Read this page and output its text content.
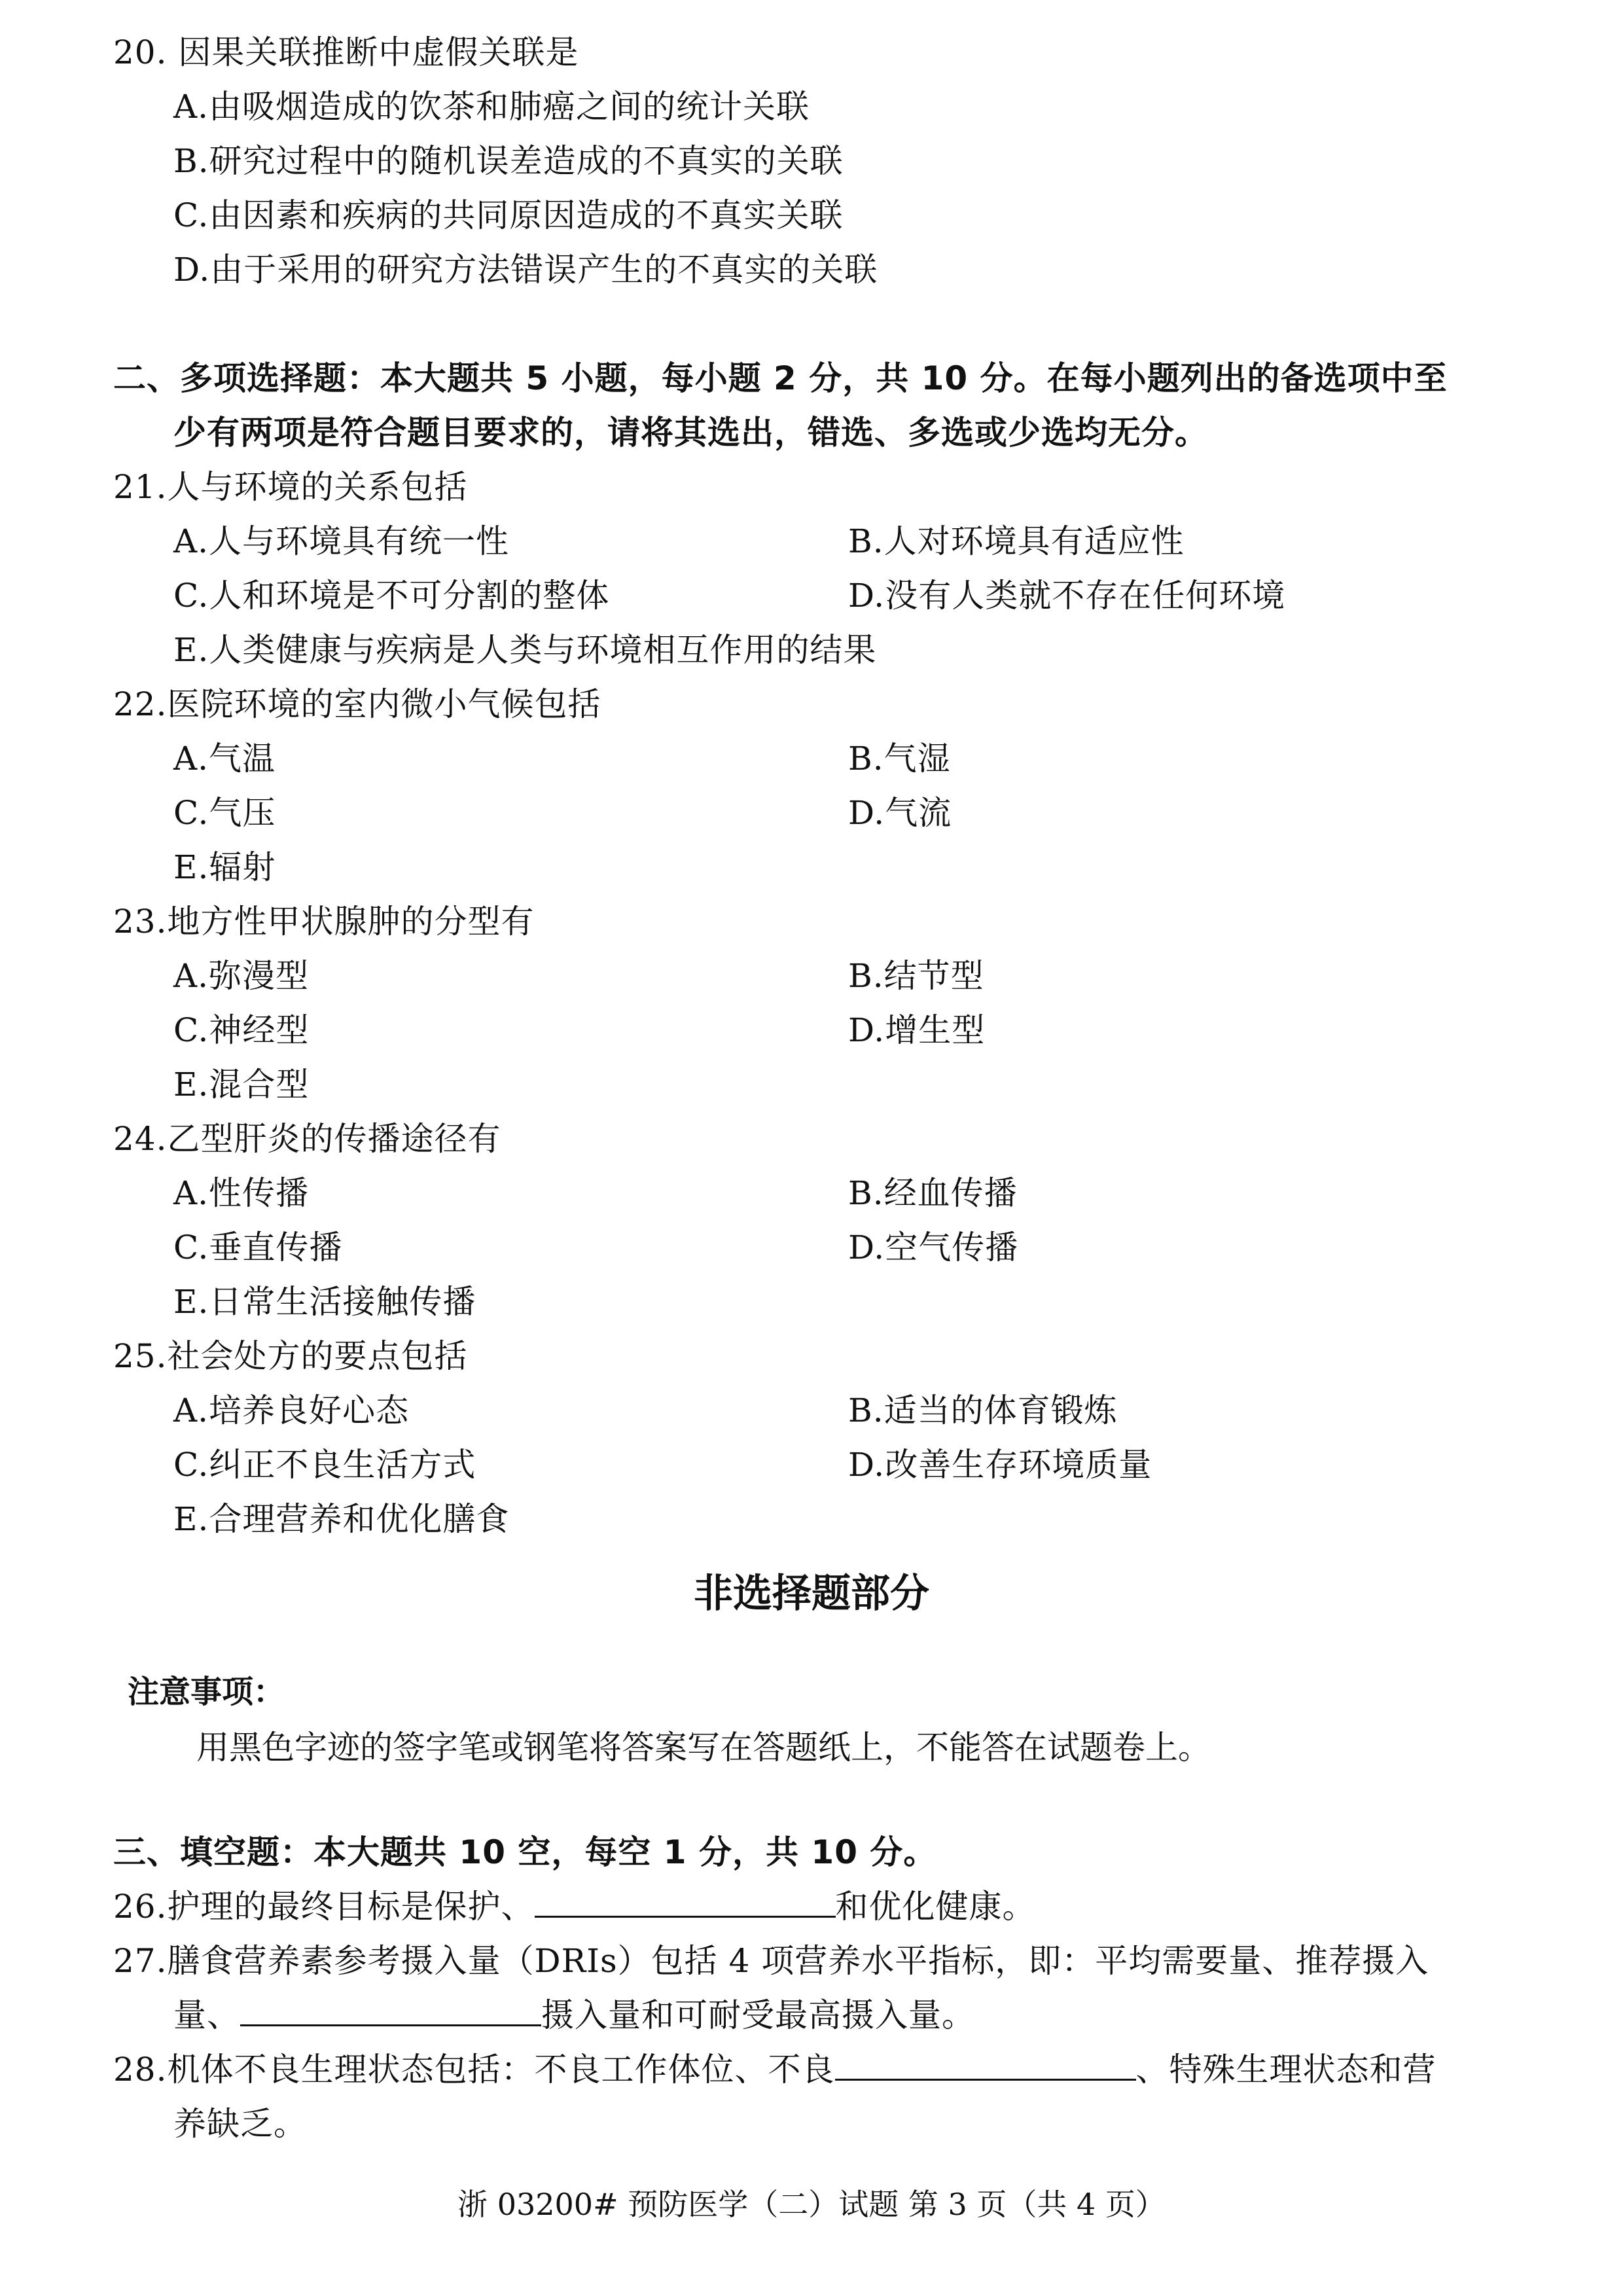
20. 因果关联推断中虚假关联是
A.由吸烟造成的饮茶和肺癌之间的统计关联
B.研究过程中的随机误差造成的不真实的关联
C.由因素和疾病的共同原因造成的不真实关联
D.由于采用的研究方法错误产生的不真实的关联
二、多项选择题：本大题共 5 小题，每小题 2 分，共 10 分。在每小题列出的备选项中至
少有两项是符合题目要求的，请将其选出，错选、多选或少选均无分。
21.人与环境的关系包括
A.人与环境具有统一性	B.人对环境具有适应性
C.人和环境是不可分割的整体	D.没有人类就不存在任何环境
E.人类健康与疾病是人类与环境相互作用的结果
22.医院环境的室内微小气候包括
A.气温	B.气湿
C.气压	D.气流
E.辐射
23.地方性甲状腺肿的分型有
A.弥漫型	B.结节型
C.神经型	D.增生型
E.混合型
24.乙型肝炎的传播途径有
A.性传播	B.经血传播
C.垂直传播	D.空气传播
E.日常生活接触传播
25.社会处方的要点包括
A.培养良好心态	B.适当的体育锻炼
C.纠正不良生活方式	D.改善生存环境质量
E.合理营养和优化膳食
非选择题部分
注意事项：
用黑色字迹的签字笔或钢笔将答案写在答题纸上，不能答在试题卷上。
三、填空题：本大题共 10 空，每空 1 分，共 10 分。
26.护理的最终目标是保护、	和优化健康。
27.膳食营养素参考摄入量（DRIs）包括 4 项营养水平指标，即：平均需要量、推荐摄入
量、	摄入量和可耐受最高摄入量。
28.机体不良生理状态包括：不良工作体位、不良	、特殊生理状态和营
养缺乏。
浙 03200# 预防医学（二）试题 第 3 页（共 4 页）
